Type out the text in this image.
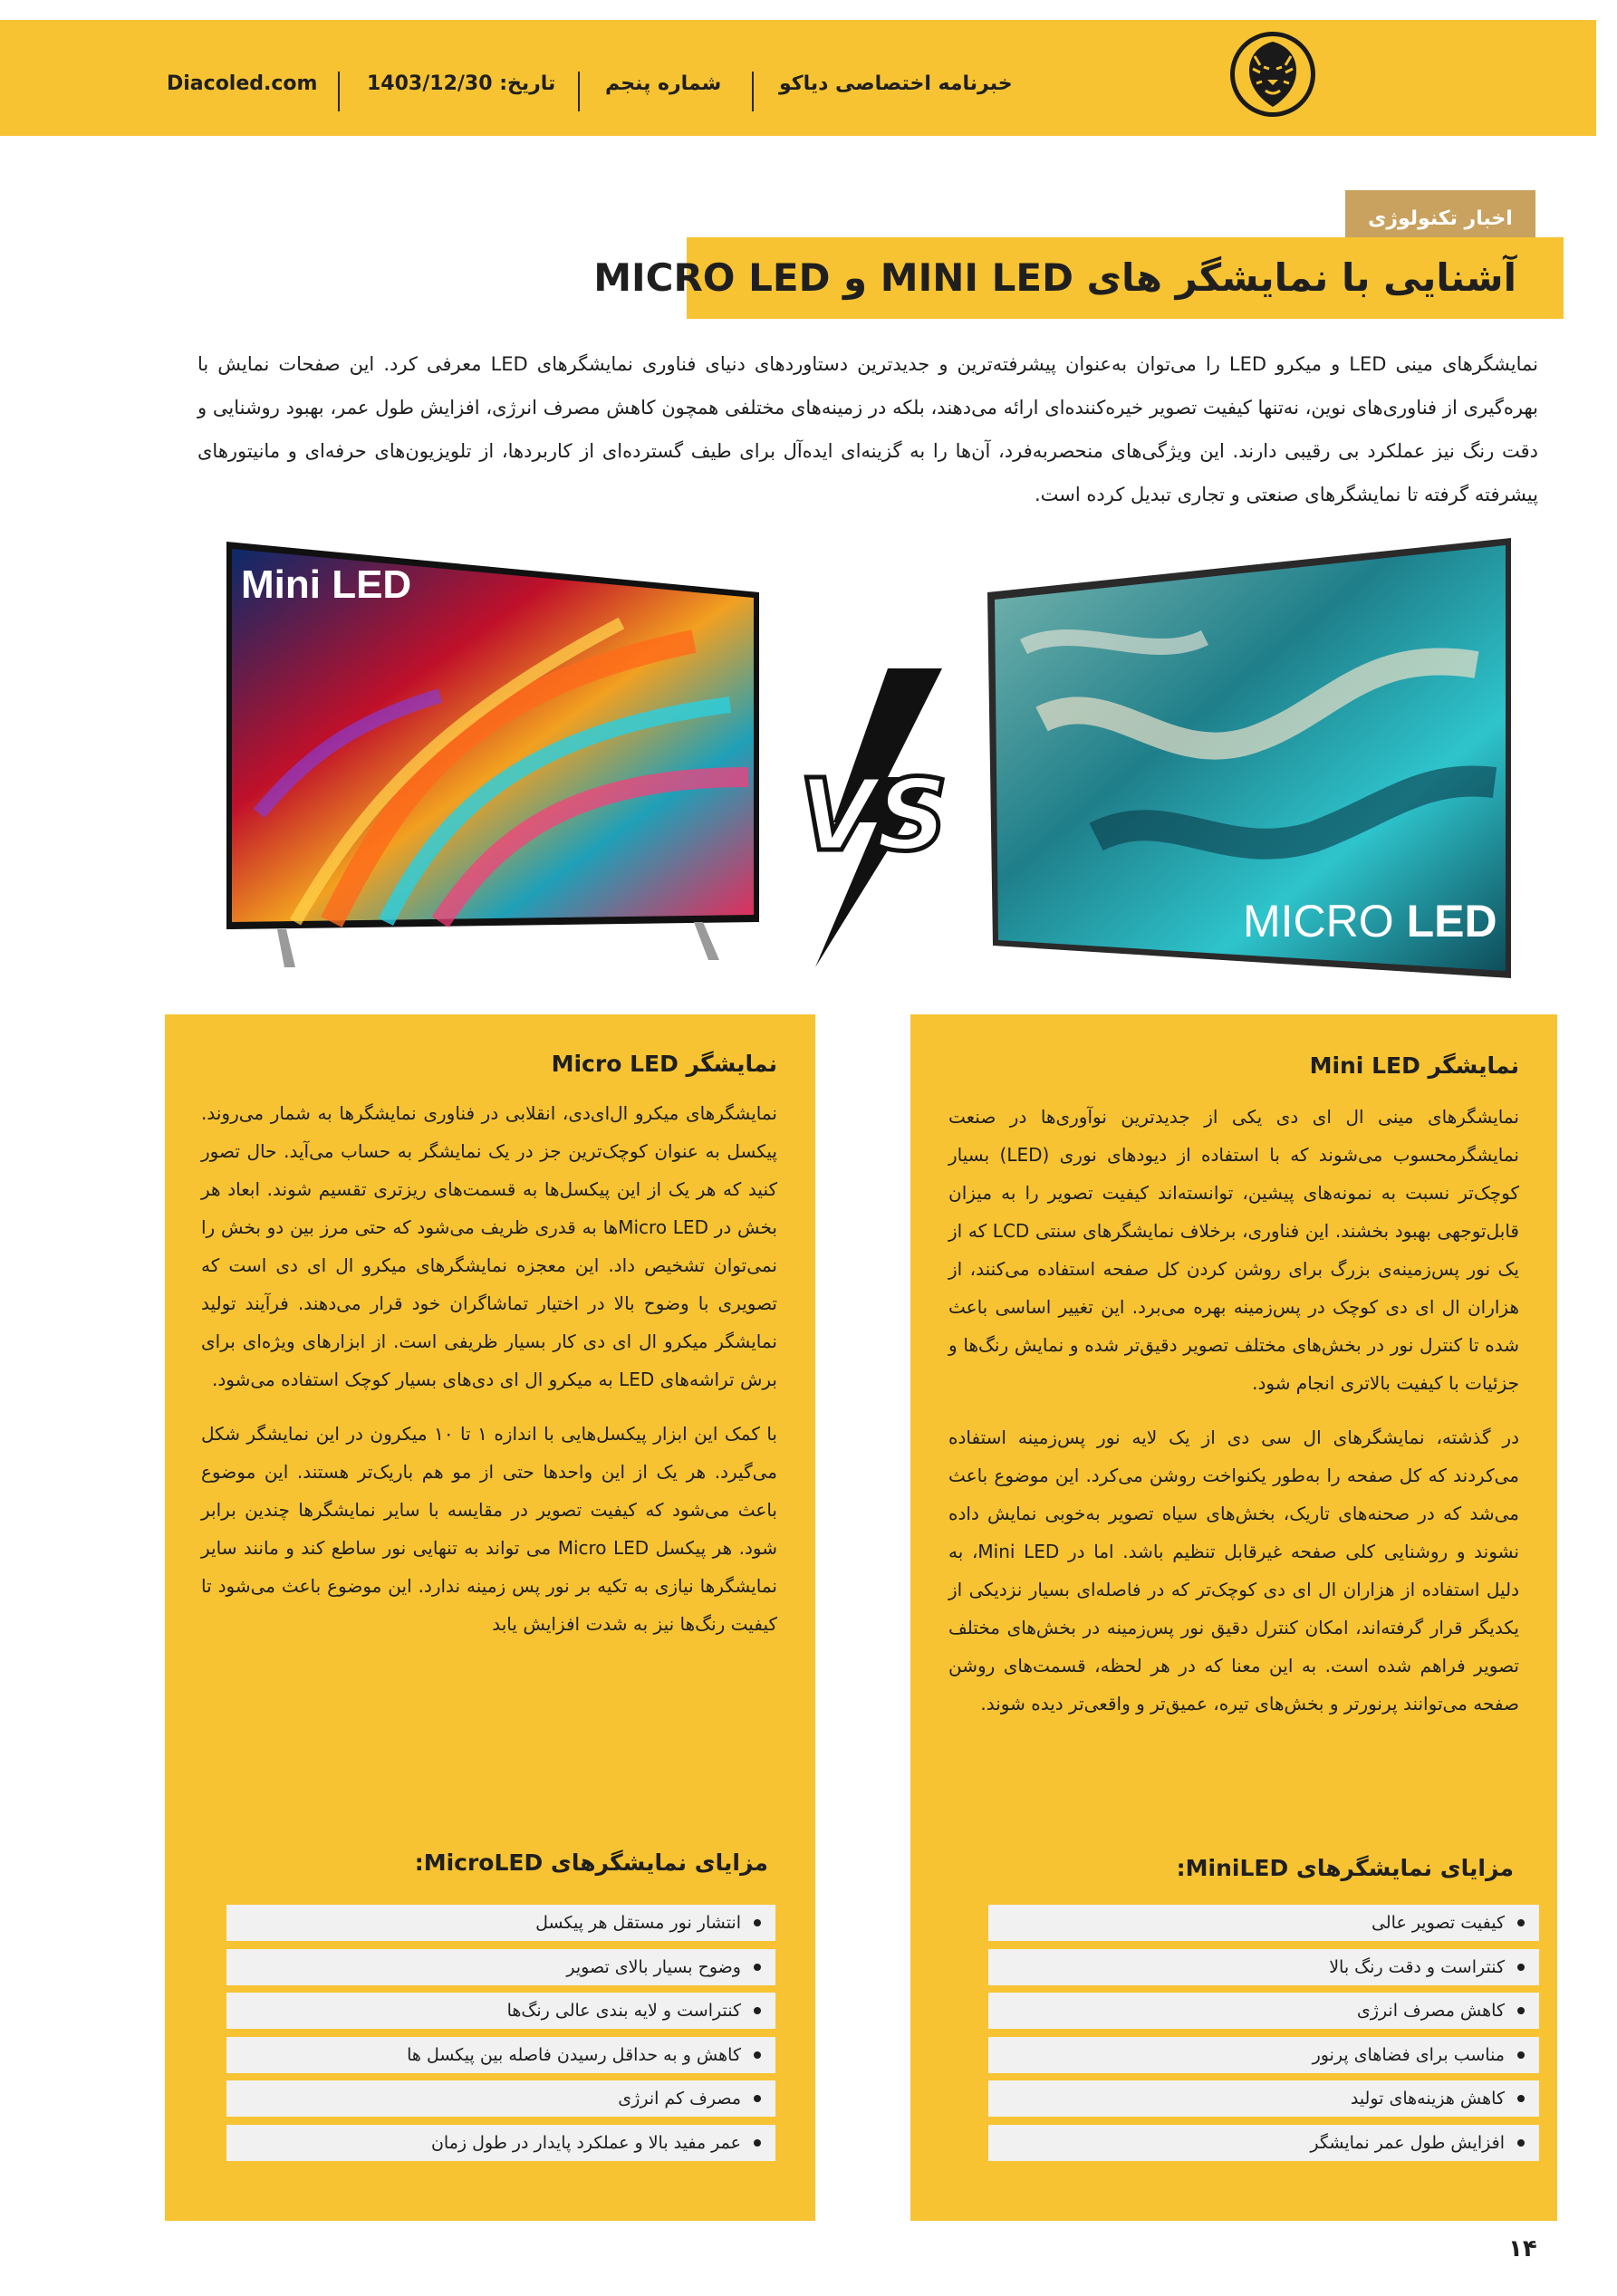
Diacoled.com تاریخ: 1403/12/30 شماره پنجم	خبرنامه اختصاصی دیاکو
اخبار تکنولوژی
آشنایی با نمایشگر های MINI LED و MICRO LED

نمایشگرهای مینی LED و میکرو LED را می‌توان به‌عنوان پیشرفته‌ترین و جدیدترین دستاوردهای دنیای فناوری نمایشگرهای LED معرفی کرد. این صفحات نمایش با بهره‌گیری از فناوری‌های نوین، نه‌تنها کیفیت تصویر خیره‌کننده‌ای ارائه می‌دهند، بلکه در زمینه‌های مختلفی همچون کاهش مصرف انرژی، افزایش طول عمر، بهبود روشنایی و دقت رنگ نیز عملکرد بی رقیبی دارند. این ویژگی‌های منحصربه‌فرد، آن‌ها را به گزینه‌ای ایده‌آل برای طیف گسترده‌ای از کاربردها، از تلویزیون‌های حرفه‌ای و مانیتورهای پیشرفته گرفته تا نمایشگرهای صنعتی و تجاری تبدیل کرده است.

Mini LED
VS
MICRO LED
نمایشگر Micro LED

نمایشگرهای میکرو ال‌ای‌دی، انقلابی در فناوری نمایشگرها به شمار می‌روند. پیکسل به عنوان کوچک‌ترین جز در یک نمایشگر به حساب می‌آید. حال تصور کنید که هر یک از این پیکسل‌ها به قسمت‌های ریزتری تقسیم شوند. ابعاد هر بخش در Micro LEDها به قدری ظریف می‌شود که حتی مرز بین دو بخش را نمی‌توان تشخیص داد. این معجزه نمایشگرهای میکرو ال ای دی است که تصویری با وضوح بالا در اختیار تماشاگران خود قرار می‌دهند. فرآیند تولید نمایشگر میکرو ال ای دی کار بسیار ظریفی است. از ابزارهای ویژه‌ای برای برش تراشه‌های LED به میکرو ال ای دی‌های بسیار کوچک استفاده می‌شود.

با کمک این ابزار پیکسل‌هایی با اندازه ۱ تا ۱۰ میکرون در این نمایشگر شکل می‌گیرد. هر یک از این واحدها حتی از مو هم باریک‌تر هستند. این موضوع باعث می‌شود که کیفیت تصویر در مقایسه با سایر نمایشگرها چندین برابر شود. هر پیکسل Micro LED می تواند به تنهایی نور ساطع کند و مانند سایر نمایشگرها نیازی به تکیه بر نور پس زمینه ندارد. این موضوع باعث می‌شود تا کیفیت رنگ‌ها نیز به شدت افزایش یابد

مزایای نمایشگرهای MicroLED:
انتشار نور مستقل هر پیکسل
وضوح بسیار بالای تصویر
کنتراست و لایه بندی عالی رنگ‌ها
کاهش و به حداقل رسیدن فاصله بین پیکسل ها
مصرف کم انرژی
عمر مفید بالا و عملکرد پایدار در طول زمان
نمایشگر Mini LED

نمایشگرهای مینی ال ای دی یکی از جدیدترین نوآوری‌ها در صنعت نمایشگرمحسوب می‌شوند که با استفاده از دیودهای نوری (LED) بسیار کوچک‌تر نسبت به نمونه‌های پیشین، توانسته‌اند کیفیت تصویر را به میزان قابل‌توجهی بهبود بخشند. این فناوری، برخلاف نمایشگرهای سنتی LCD که از یک نور پس‌زمینه‌ی بزرگ برای روشن کردن کل صفحه استفاده می‌کنند، از هزاران ال ای دی کوچک در پس‌زمینه بهره می‌برد. این تغییر اساسی باعث شده تا کنترل نور در بخش‌های مختلف تصویر دقیق‌تر شده و نمایش رنگ‌ها و جزئیات با کیفیت بالاتری انجام شود.

در گذشته، نمایشگرهای ال سی دی از یک لایه نور پس‌زمینه استفاده می‌کردند که کل صفحه را به‌طور یکنواخت روشن می‌کرد. این موضوع باعث می‌شد که در صحنه‌های تاریک، بخش‌های سیاه تصویر به‌خوبی نمایش داده نشوند و روشنایی کلی صفحه غیرقابل تنظیم باشد. اما در Mini LED، به دلیل استفاده از هزاران ال ای دی کوچک‌تر که در فاصله‌ای بسیار نزدیکی از یکدیگر قرار گرفته‌اند، امکان کنترل دقیق نور پس‌زمینه در بخش‌های مختلف تصویر فراهم شده است. به این معنا که در هر لحظه، قسمت‌های روشن صفحه می‌توانند پرنورتر و بخش‌های تیره، عمیق‌تر و واقعی‌تر دیده شوند.

مزایای نمایشگرهای MiniLED:
کیفیت تصویر عالی
کنتراست و دقت رنگ بالا
کاهش مصرف انرژی
مناسب برای فضاهای پرنور
کاهش هزینه‌های تولید
افزایش طول عمر نمایشگر
۱۴
